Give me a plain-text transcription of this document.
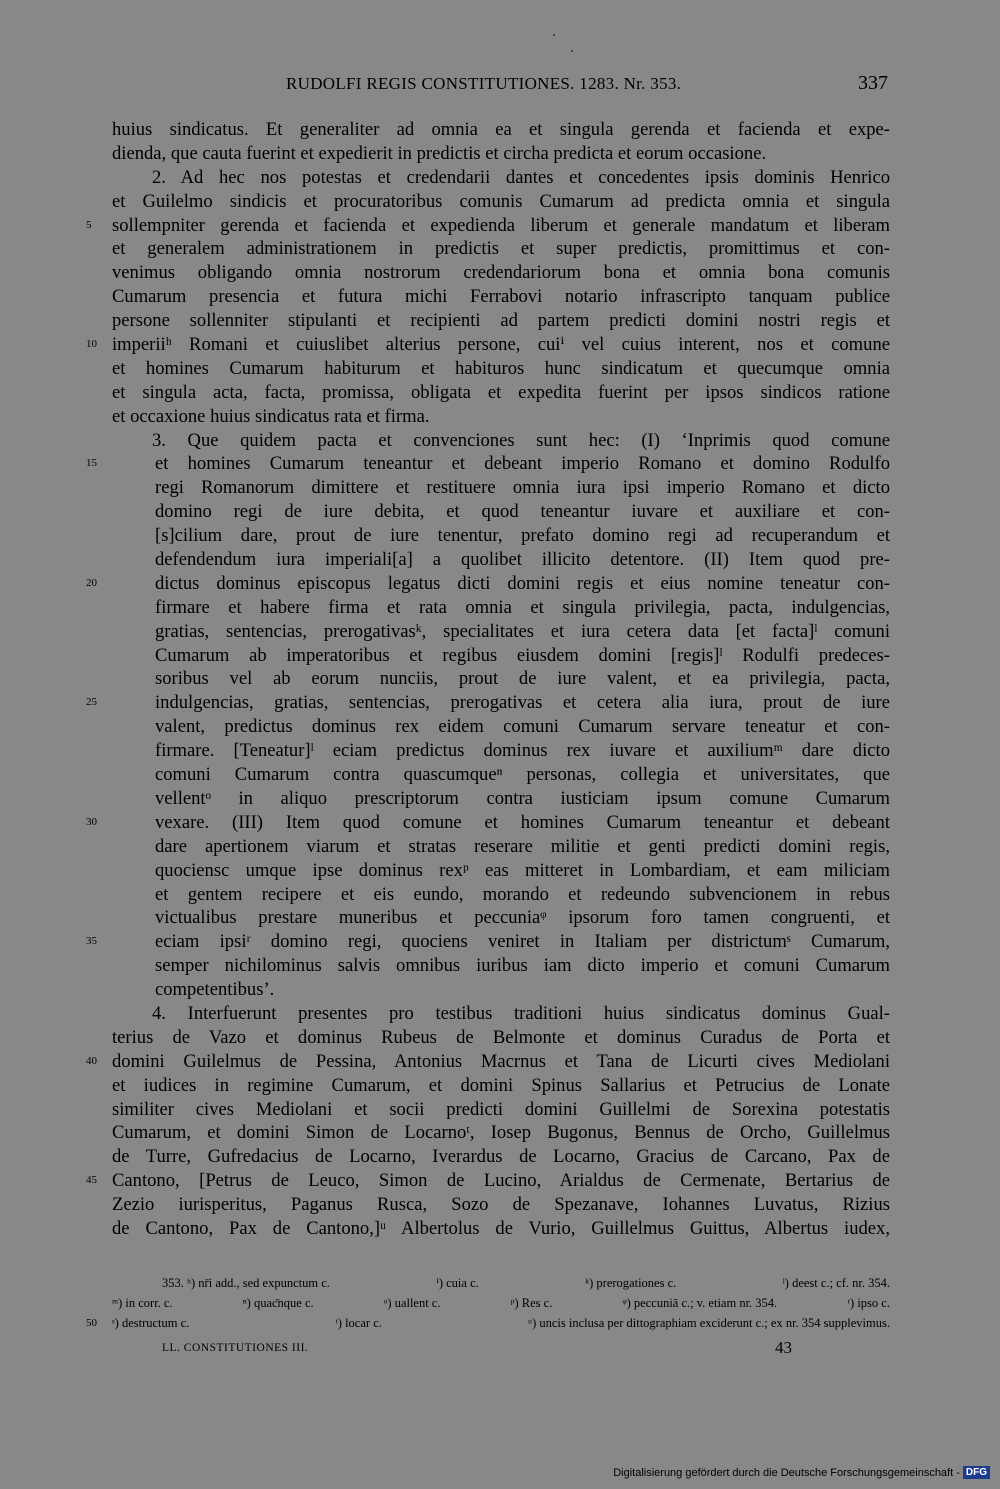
RUDOLFI REGIS CONSTITUTIONES. 1283. Nr. 353.	337
huius sindicatus. Et generaliter ad omnia ea et singula gerenda et facienda et expe-
dienda, que cauta fuerint et expedierit in predictis et circha predicta et eorum occasione.
2. Ad hec nos potestas et credendarii dantes et concedentes ipsis dominis Henrico
et Guilelmo sindicis et procuratoribus comunis Cumarum ad predicta omnia et singula
5 sollempniter gerenda et facienda et expedienda liberum et generale mandatum et liberam
et generalem administrationem in predictis et super predictis, promittimus et con-
venimus obligando omnia nostrorum credendariorum bona et omnia bona comunis
Cumarum presencia et futura michi Ferrabovi notario infrascripto tanquam publice
persone sollenniter stipulanti et recipienti ad partem predicti domini nostri regis et
10 imperiiʰ Romani et cuiuslibet alterius persone, cuiⁱ vel cuius interent, nos et comune
et homines Cumarum habiturum et habituros hunc sindicatum et quecumque omnia
et singula acta, facta, promissa, obligata et expedita fuerint per ipsos sindicos ratione
et occaxione huius sindicatus rata et firma.
3. Que quidem pacta et convenciones sunt hec: (I) ‘Inprimis quod comune
15	et homines Cumarum teneantur et debeant imperio Romano et domino Rodulfo
regi Romanorum dimittere et restituere omnia iura ipsi imperio Romano et dicto
domino regi de iure debita, et quod teneantur iuvare et auxiliare et con-
[s]cilium dare, prout de iure tenentur, prefato domino regi ad recuperandum et
defendendum iura imperiali[a] a quolibet illicito detentore. (II) Item quod pre-
20	dictus dominus episcopus legatus dicti domini regis et eius nomine teneatur con-
firmare et habere firma et rata omnia et singula privilegia, pacta, indulgencias,
gratias, sentencias, prerogativasᵏ, specialitates et iura cetera data [et facta]ˡ comuni
Cumarum ab imperatoribus et regibus eiusdem domini [regis]ˡ Rodulfi predeces-
soribus vel ab eorum nunciis, prout de iure valent, et ea privilegia, pacta,
25	indulgencias, gratias, sentencias, prerogativas et cetera alia iura, prout de iure
valent, predictus dominus rex eidem comuni Cumarum servare teneatur et con-
firmare. [Teneatur]ˡ eciam predictus dominus rex iuvare et auxiliumᵐ dare dicto
comuni Cumarum contra quascumqueⁿ personas, collegia et universitates, que
vellentᵒ in aliquo prescriptorum contra iusticiam ipsum comune Cumarum
30	vexare. (III) Item quod comune et homines Cumarum teneantur et debeant
dare apertionem viarum et stratas reserare militie et genti predicti domini regis,
quociensc umque ipse dominus rexᵖ eas mitteret in Lombardiam, et eam miliciam
et gentem recipere et eis eundo, morando et redeundo subvencionem in rebus
victualibus prestare muneribus et peccuniaᵠ ipsorum foro tamen congruenti, et
35	eciam ipsiʳ domino regi, quociens veniret in Italiam per districtumˢ Cumarum,
semper nichilominus salvis omnibus iuribus iam dicto imperio et comuni Cumarum
competentibus’.
4. Interfuerunt presentes pro testibus traditioni huius sindicatus dominus Gual-
terius de Vazo et dominus Rubeus de Belmonte et dominus Curadus de Porta et
40 domini Guilelmus de Pessina, Antonius Macrnus et Tana de Licurti cives Mediolani
et iudices in regimine Cumarum, et domini Spinus Sallarius et Petrucius de Lonate
similiter cives Mediolani et socii predicti domini Guillelmi de Sorexina potestatis
Cumarum, et domini Simon de Locarnoᵗ, Iosep Bugonus, Bennus de Orcho, Guillelmus
de Turre, Gufredacius de Locarno, Iverardus de Locarno, Gracius de Carcano, Pax de
45 Cantono, [Petrus de Leuco, Simon de Lucino, Arialdus de Cermenate, Bertarius de
Zezio iurisperitus, Paganus Rusca, Sozo de Spezanave, Iohannes Luvatus, Rizius
de Cantono, Pax de Cantono,]ᵘ Albertolus de Vurio, Guillelmus Guittus, Albertus iudex,
353. ʰ) nr̄i add., sed expunctum c.	ⁱ) cuia c.	ᵏ) prerogationes c.	ˡ) deest c.; cf. nr. 354.
ᵐ) in corr. c.	ⁿ) quaс̄nque c.	ᵒ) uallent c.	ᵖ) Res c.	ᵠ) peccuniā c.; v. etiam nr. 354.	ʳ) ipso c.
50 ˢ) destructum c.	ᵗ) locar c.	ᵘ) uncis inclusa per dittographiam exciderunt c.; ex nr. 354 supplevimus.
LL. CONSTITUTIONES III.	43
Digitalisierung gefördert durch die Deutsche Forschungsgemeinschaft - DFG
